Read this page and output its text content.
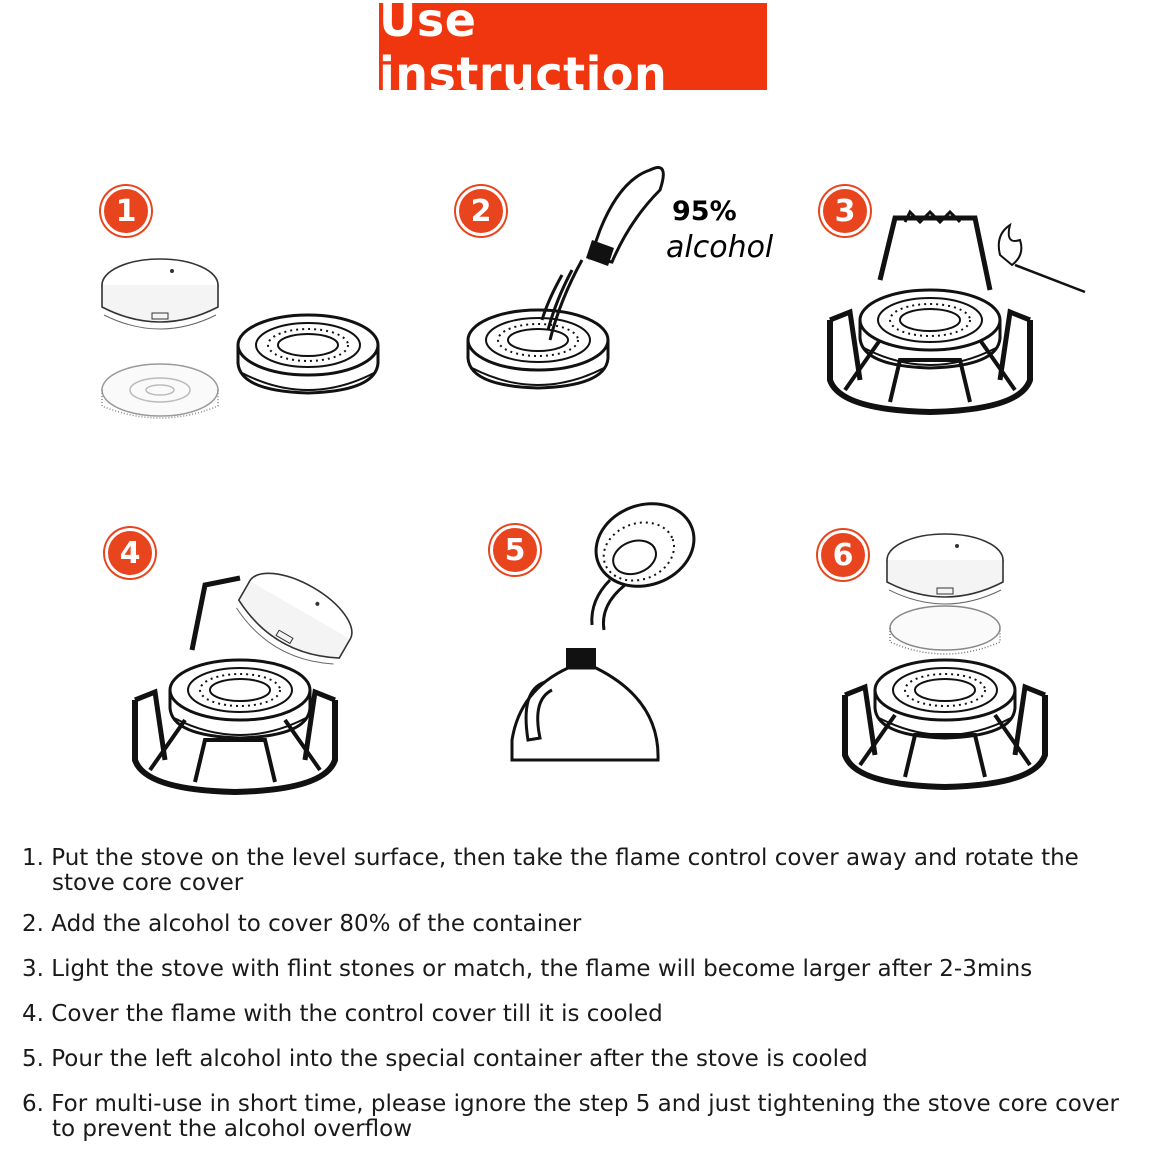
Use instruction
1	2	3
4	5	6
95%
alcohol
1. Put the stove on the level surface, then take the flame control cover away and rotate the stove core cover
2. Add the alcohol to cover 80% of the container
3. Light the stove with flint stones or match, the flame will become larger after 2-3mins
4. Cover the flame with the control cover till it is cooled
5. Pour the left alcohol into the special container after the stove is cooled
6. For multi-use in short time, please ignore the step 5 and just tightening the stove core cover to prevent the alcohol overflow
